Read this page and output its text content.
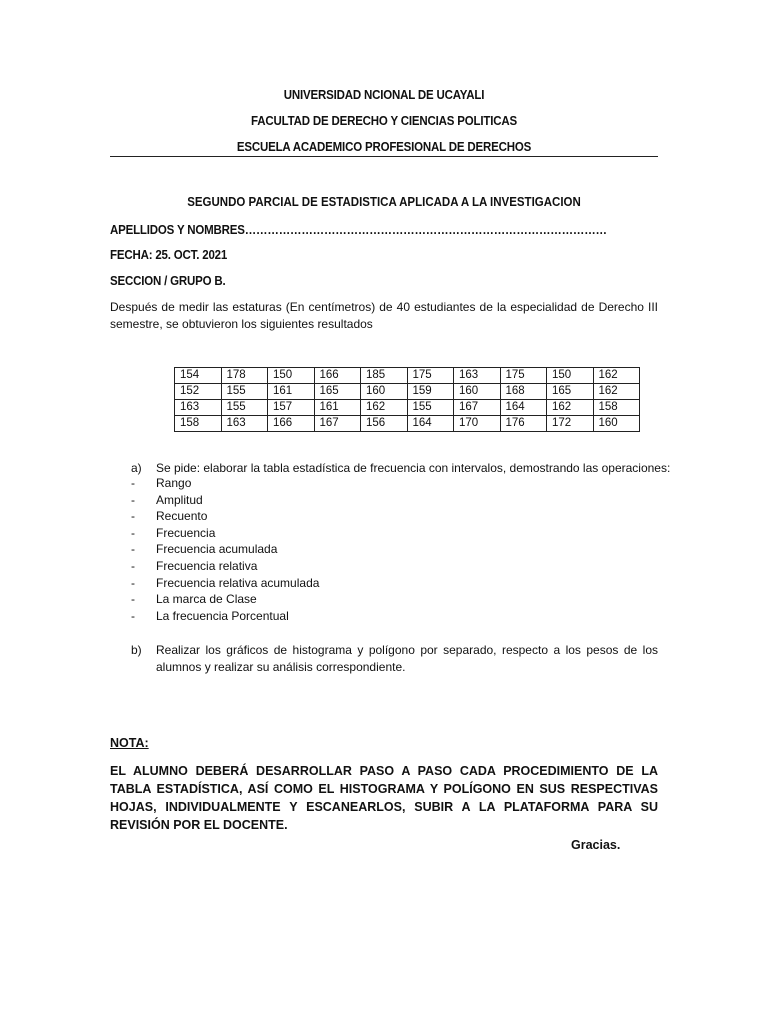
UNIVERSIDAD NCIONAL DE UCAYALI
FACULTAD DE DERECHO Y CIENCIAS POLITICAS
ESCUELA ACADEMICO PROFESIONAL DE DERECHOS
SEGUNDO PARCIAL DE ESTADISTICA APLICADA A LA INVESTIGACION
APELLIDOS Y NOMBRES……………………………………………………………………………………
FECHA: 25. OCT. 2021
SECCION / GRUPO B.
Después de medir las estaturas (En centímetros) de 40 estudiantes de la especialidad de Derecho III semestre, se obtuvieron los siguientes resultados
154	178	150	166	185	175	163	175	150	162
152	155	161	165	160	159	160	168	165	162
163	155	157	161	162	155	167	164	162	158
158	163	166	167	156	164	170	176	172	160
a) Se pide: elaborar la tabla estadística de frecuencia con intervalos, demostrando las operaciones:
- Rango
- Amplitud
- Recuento
- Frecuencia
- Frecuencia acumulada
- Frecuencia relativa
- Frecuencia relativa acumulada
- La marca de Clase
- La frecuencia Porcentual
b) Realizar los gráficos de histograma y polígono por separado, respecto a los pesos de los alumnos y realizar su análisis correspondiente.
NOTA:
EL ALUMNO DEBERÁ DESARROLLAR PASO A PASO CADA PROCEDIMIENTO DE LA TABLA ESTADÍSTICA, ASÍ COMO EL HISTOGRAMA Y POLÍGONO EN SUS RESPECTIVAS HOJAS, INDIVIDUALMENTE Y ESCANEARLOS, SUBIR A LA PLATAFORMA PARA SU REVISIÓN POR EL DOCENTE.
Gracias.
